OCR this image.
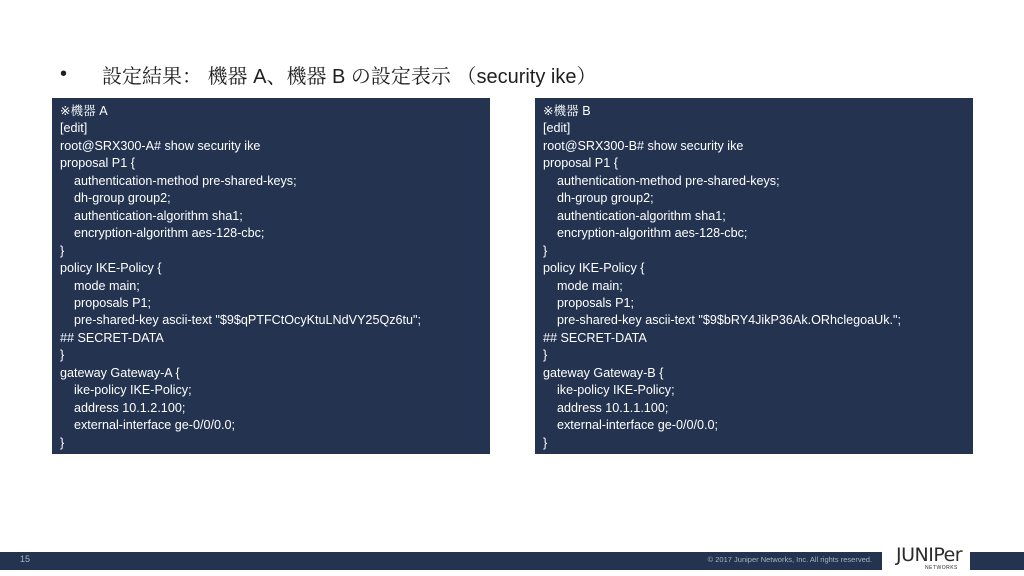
•	設定結果： 機器 A、機器 B の設定表示 （security ike）
※機器 A
[edit]
root@SRX300-A# show security ike
proposal P1 {
authentication-method pre-shared-keys;
dh-group group2;
authentication-algorithm sha1;
encryption-algorithm aes-128-cbc;
}
policy IKE-Policy {
mode main;
proposals P1;
pre-shared-key ascii-text "$9$qPTFCtOcyKtuLNdVY25Qz6tu";
## SECRET-DATA
}
gateway Gateway-A {
ike-policy IKE-Policy;
address 10.1.2.100;
external-interface ge-0/0/0.0;
}
※機器 B
[edit]
root@SRX300-B# show security ike
proposal P1 {
authentication-method pre-shared-keys;
dh-group group2;
authentication-algorithm sha1;
encryption-algorithm aes-128-cbc;
}
policy IKE-Policy {
mode main;
proposals P1;
pre-shared-key ascii-text "$9$bRY4JikP36Ak.ORhclegoaUk.";
## SECRET-DATA
}
gateway Gateway-B {
ike-policy IKE-Policy;
address 10.1.1.100;
external-interface ge-0/0/0.0;
}
15	© 2017 Juniper Networks, Inc. All rights reserved. JUNIPer
NETWORKS
